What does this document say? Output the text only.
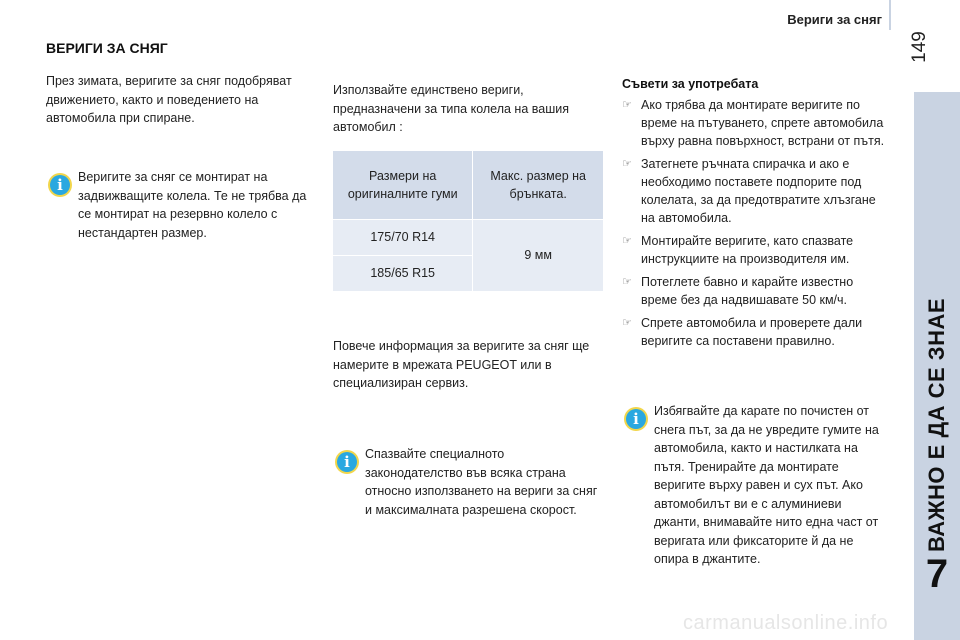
Вериги за сняг
149
ВАЖНО Е ДА СЕ ЗНАЕ
7
ВЕРИГИ ЗА СНЯГ
През зимата, веригите за сняг подобряват движението, както и поведението на автомобила при спиране.
i	Веригите за сняг се монтират на задвижващите колела. Те не трябва да се монтират на резервно колело с нестандартен размер.
Използвайте единствено вериги, предназначени за типа колела на вашия автомобил :
Размери на оригиналните гуми	Макс. размер на брънката.
175/70 R14	9 мм
185/65 R15	
Повече информация за веригите за сняг ще намерите в мрежата PEUGEOT или в специализиран сервиз.
i	Спазвайте специалното законодателство във всяка страна относно използването на вериги за сняг и максималната разрешена скорост.
Съвети за употребата
☞ Ако трябва да монтирате веригите по време на пътуването, спрете автомобила върху равна повърхност, встрани от пътя.
☞ Затегнете ръчната спирачка и ако е необходимо поставете подпорите под колелата, за да предотвратите хлъзгане на автомобила.
☞ Монтирайте веригите, като спазвате инструкциите на производителя им.
☞ Потеглете бавно и карайте известно време без да надвишавате 50 км/ч.
☞ Спрете автомобила и проверете дали веригите са поставени правилно.
i	Избягвайте да карате по почистен от снега път, за да не увредите гумите на автомобила, както и настилката на пътя. Тренирайте да монтирате веригите върху равен и сух път. Ако автомобилът ви е с алуминиеви джанти, внимавайте нито една част от веригата или фиксаторите й да не опира в джантите.
carmanualsonline.info
